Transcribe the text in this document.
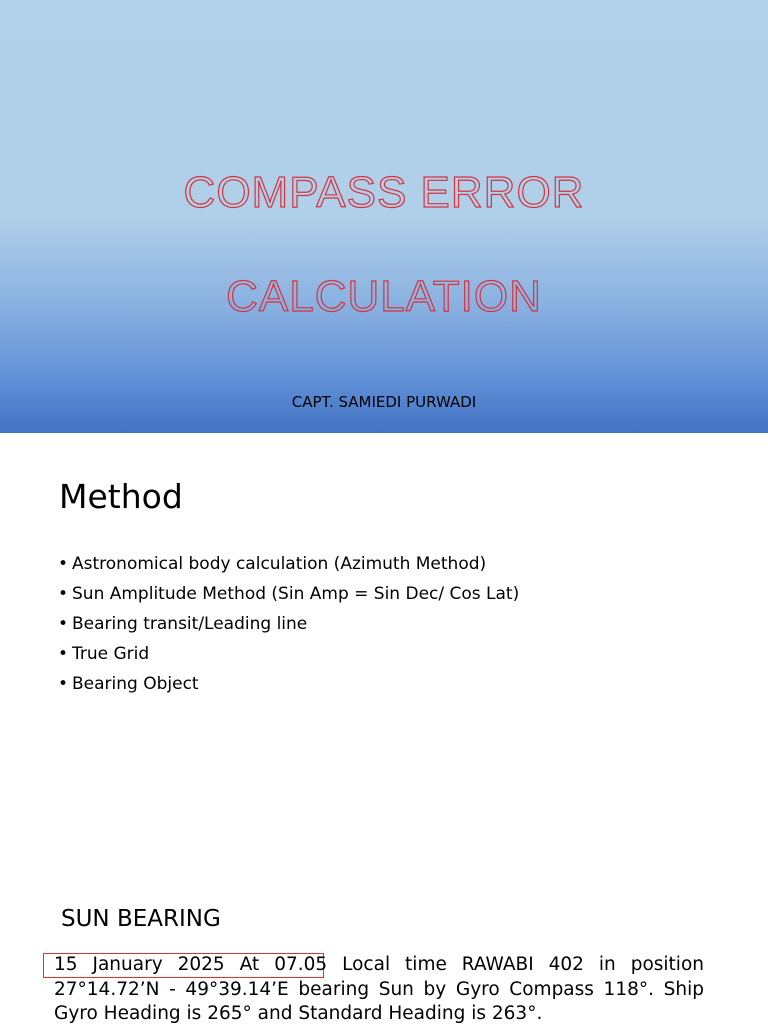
COMPASS ERROR

CALCULATION

CAPT. SAMIEDI PURWADI
Method
• Astronomical body calculation (Azimuth Method)
• Sun Amplitude Method (Sin Amp = Sin Dec/ Cos Lat)
• Bearing transit/Leading line
• True Grid
• Bearing Object
SUN BEARING
15 January 2025 At 07.05 Local time RAWABI 402 in position 27°14.72’N - 49°39.14’E bearing Sun by Gyro Compass 118°. Ship Gyro Heading is 265° and Standard Heading is 263°.
